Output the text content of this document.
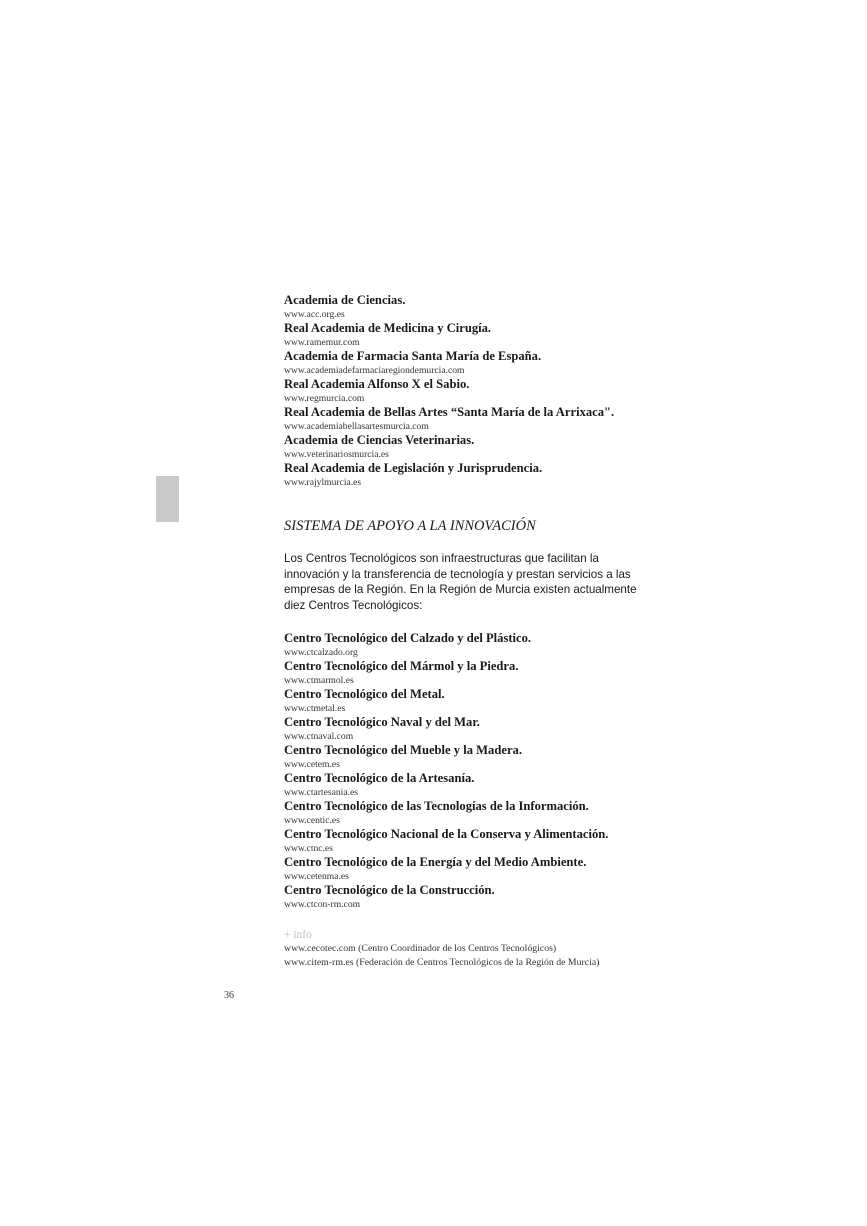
Academia de Ciencias.
www.acc.org.es
Real Academia de Medicina y Cirugía.
www.ramemur.com
Academia de Farmacia Santa María de España.
www.academiadefarmaciaregiondemurcia.com
Real Academia Alfonso X el Sabio.
www.regmurcia.com
Real Academia de Bellas Artes “Santa María de la Arrixaca".
www.academiabellasartesmurcia.com
Academia de Ciencias Veterinarias.
www.veterinariosmurcia.es
Real Academia de Legislación y Jurisprudencia.
www.rajylmurcia.es
SISTEMA DE APOYO A LA INNOVACIÓN
Los Centros Tecnológicos son infraestructuras que facilitan la innovación y la transferencia de tecnología y prestan servicios a las empresas de la Región. En la Región de Murcia existen actualmente diez Centros Tecnológicos:
Centro Tecnológico del Calzado y del Plástico.
www.ctcalzado.org
Centro Tecnológico del Mármol y la Piedra.
www.ctmarmol.es
Centro Tecnológico del Metal.
www.ctmetal.es
Centro Tecnológico Naval y del Mar.
www.ctnaval.com
Centro Tecnológico del Mueble y la Madera.
www.cetem.es
Centro Tecnológico de la Artesanía.
www.ctartesania.es
Centro Tecnológico de las Tecnologías de la Información.
www.centic.es
Centro Tecnológico Nacional de la Conserva y Alimentación.
www.ctnc.es
Centro Tecnológico de la Energía y del Medio Ambiente.
www.cetenma.es
Centro Tecnológico de la Construcción.
www.ctcon-rm.com
+ info
www.cecotec.com (Centro Coordinador de los Centros Tecnológicos)
www.citem-rm.es (Federación de Centros Tecnológicos de la Región de Murcia)
36
